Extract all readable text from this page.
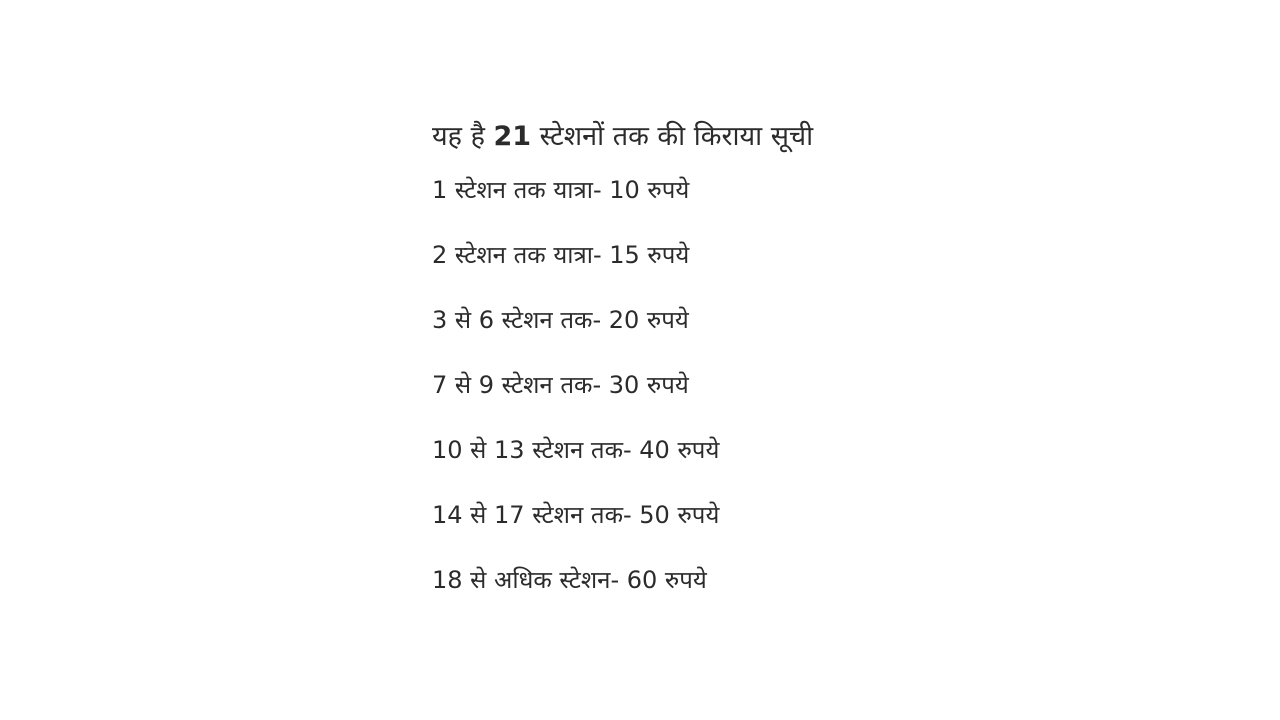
यह है 21 स्टेशनों तक की किराया सूची
1 स्टेशन तक यात्रा- 10 रुपये
2 स्टेशन तक यात्रा- 15 रुपये
3 से 6 स्टेशन तक- 20 रुपये
7 से 9 स्टेशन तक- 30 रुपये
10 से 13 स्टेशन तक- 40 रुपये
14 से 17 स्टेशन तक- 50 रुपये
18 से अधिक स्टेशन- 60 रुपये
